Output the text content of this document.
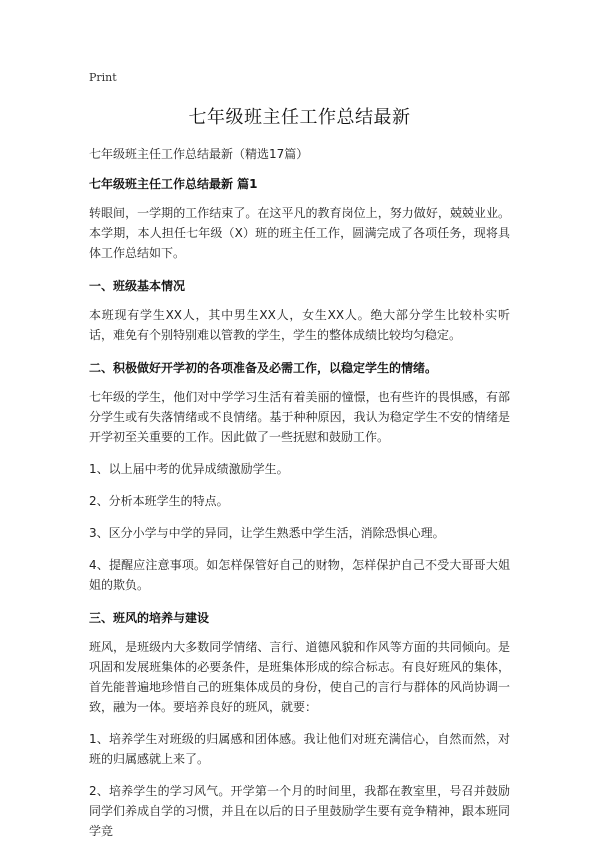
Print
七年级班主任工作总结最新
七年级班主任工作总结最新（精选17篇）
七年级班主任工作总结最新 篇1
转眼间，一学期的工作结束了。在这平凡的教育岗位上，努力做好，兢兢业业。本学期，本人担任七年级（X）班的班主任工作，圆满完成了各项任务，现将具体工作总结如下。
一、班级基本情况
本班现有学生XX人，其中男生XX人，女生XX人。绝大部分学生比较朴实听话，难免有个别特别难以管教的学生，学生的整体成绩比较均匀稳定。
二、积极做好开学初的各项准备及必需工作，以稳定学生的情绪。
七年级的学生，他们对中学学习生活有着美丽的憧憬，也有些许的畏惧感，有部分学生或有失落情绪或不良情绪。基于种种原因，我认为稳定学生不安的情绪是开学初至关重要的工作。因此做了一些抚慰和鼓励工作。
1、以上届中考的优异成绩激励学生。
2、分析本班学生的特点。
3、区分小学与中学的异同，让学生熟悉中学生活，消除恐惧心理。
4、提醒应注意事项。如怎样保管好自己的财物，怎样保护自己不受大哥哥大姐姐的欺负。
三、班风的培养与建设
班风，是班级内大多数同学情绪、言行、道德风貌和作风等方面的共同倾向。是巩固和发展班集体的必要条件，是班集体形成的综合标志。有良好班风的集体，首先能普遍地珍惜自己的班集体成员的身份，使自己的言行与群体的风尚协调一致，融为一体。要培养良好的班风，就要：
1、培养学生对班级的归属感和团体感。我让他们对班充满信心，自然而然，对班的归属感就上来了。
2、培养学生的学习风气。开学第一个月的时间里，我都在教室里，号召并鼓励同学们养成自学的习惯，并且在以后的日子里鼓励学生要有竞争精神，跟本班同学竞
